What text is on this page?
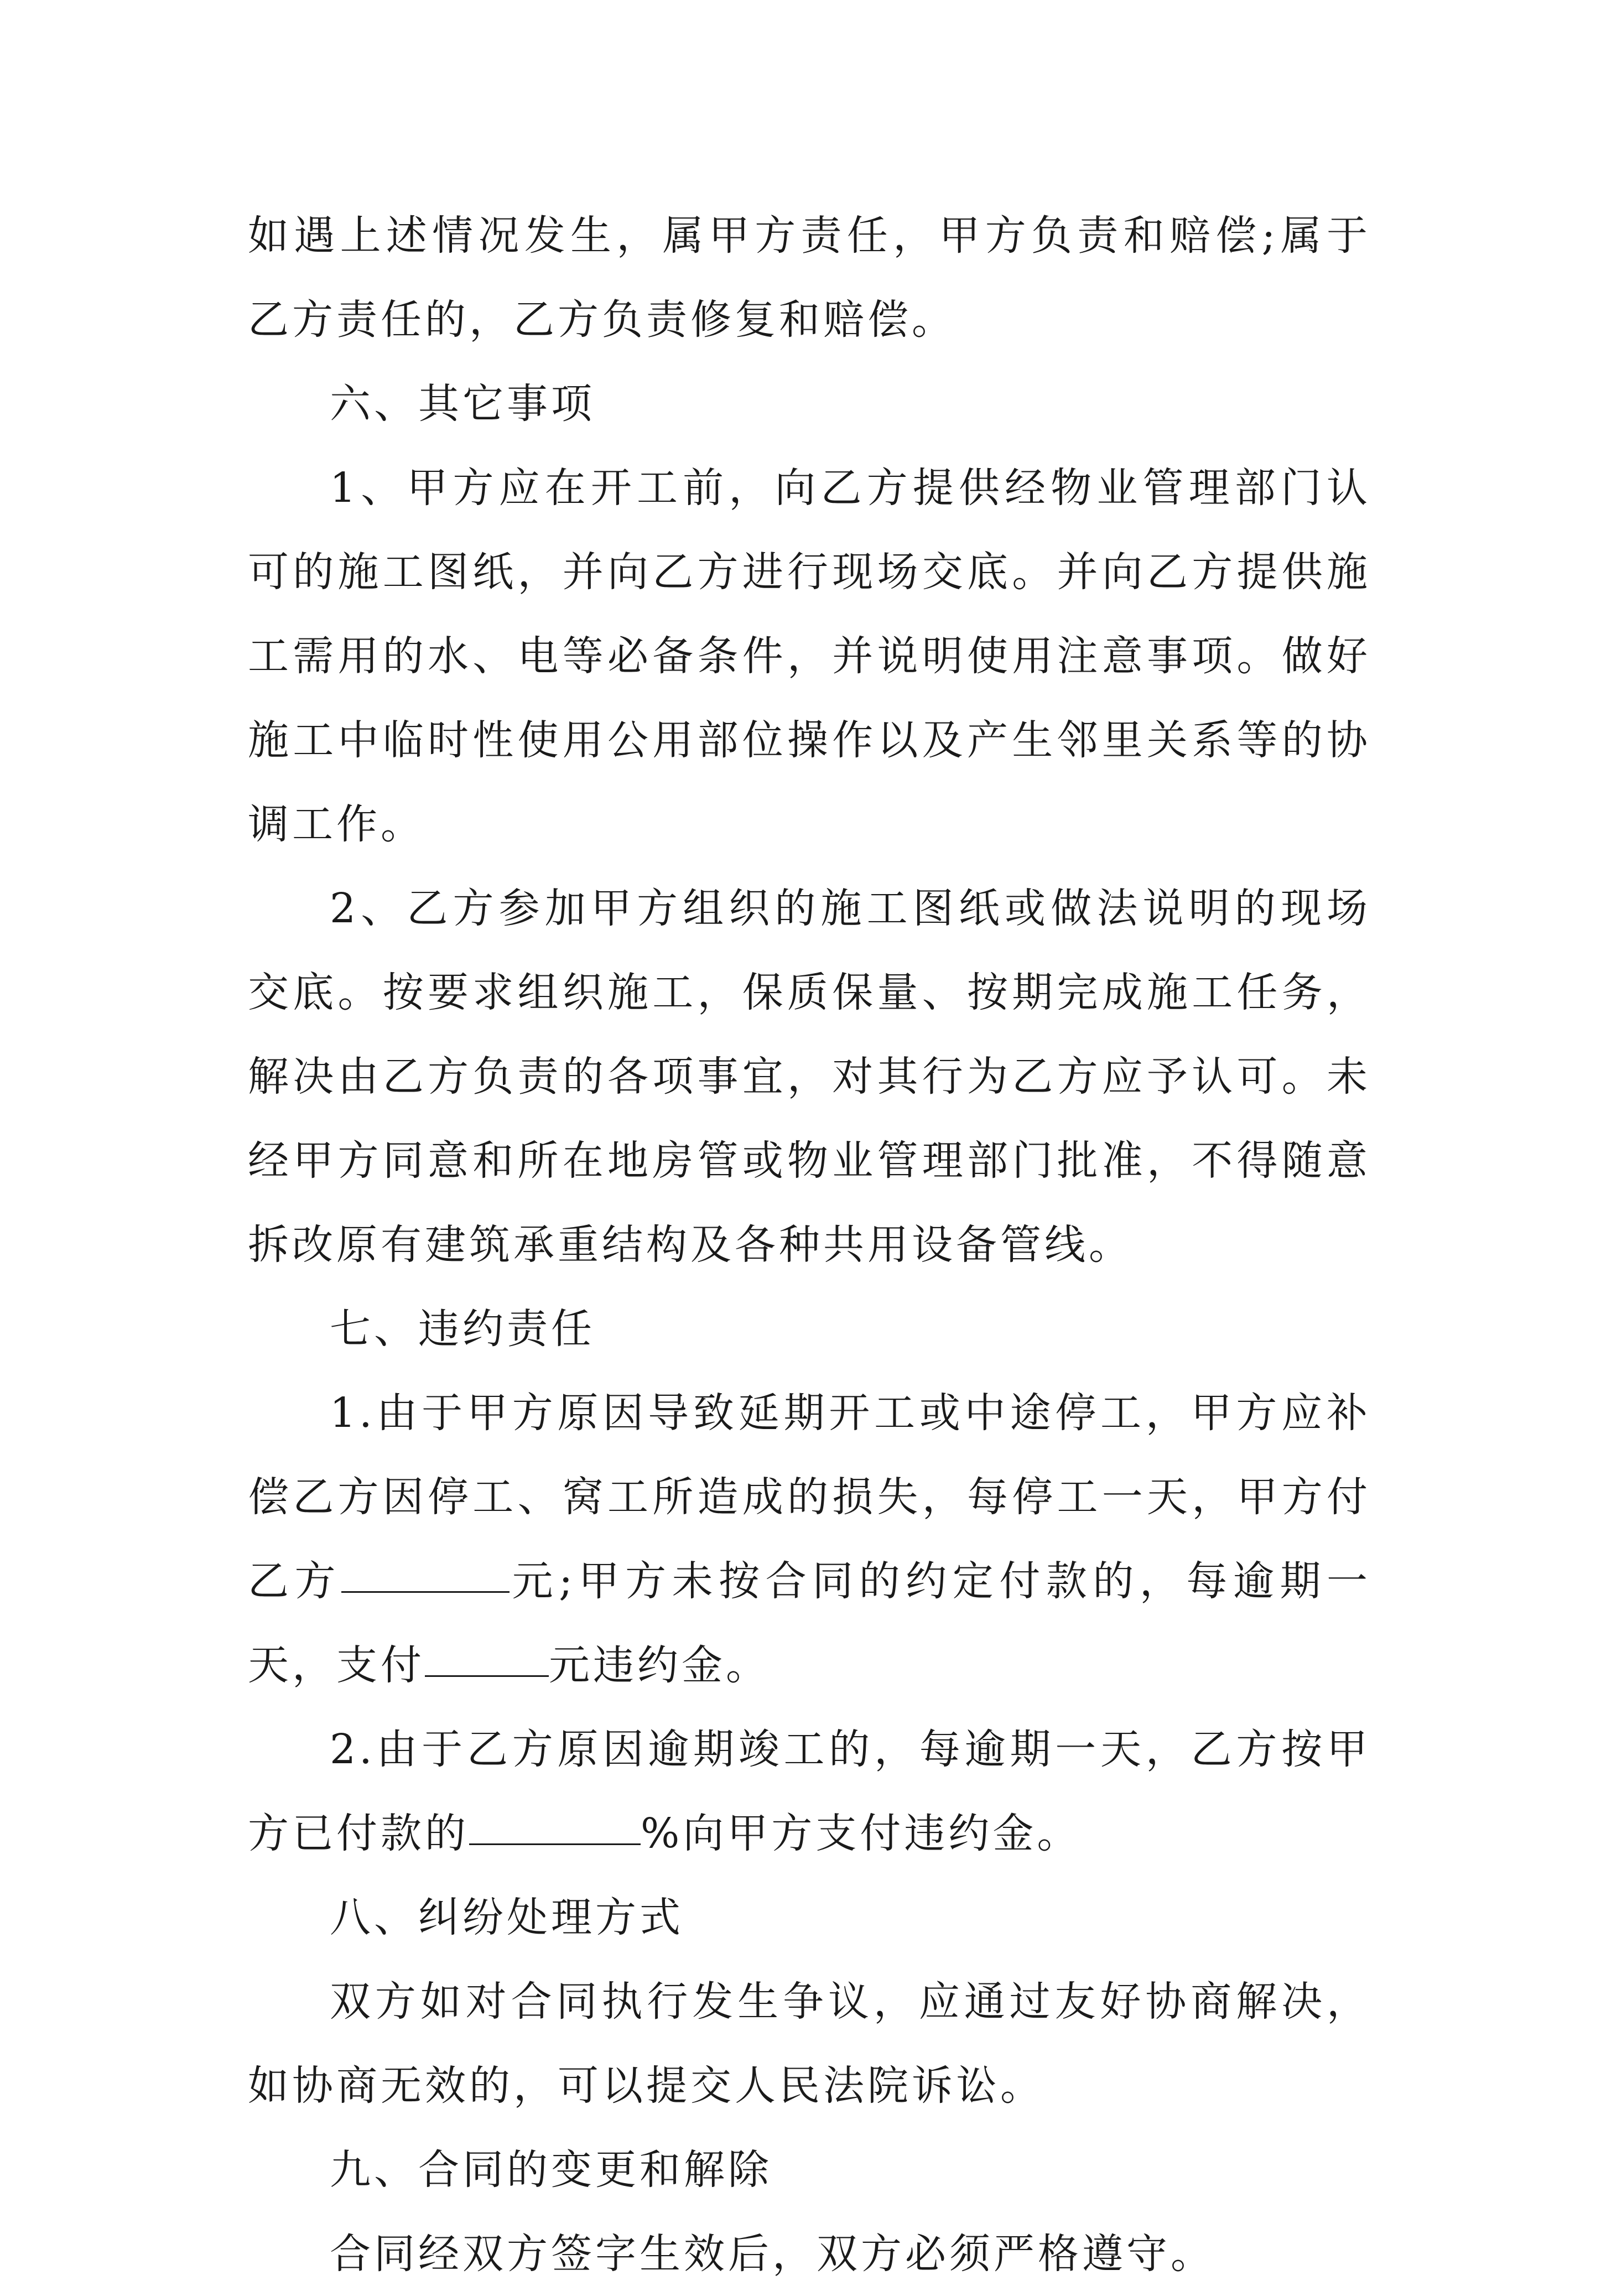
如遇上述情况发生，属甲方责任，甲方负责和赔偿;属于乙方责任的，乙方负责修复和赔偿。

六、其它事项

1、甲方应在开工前，向乙方提供经物业管理部门认可的施工图纸，并向乙方进行现场交底。并向乙方提供施工需用的水、电等必备条件，并说明使用注意事项。做好施工中临时性使用公用部位操作以及产生邻里关系等的协调工作。

2、乙方参加甲方组织的施工图纸或做法说明的现场交底。按要求组织施工，保质保量、按期完成施工任务，解决由乙方负责的各项事宜，对其行为乙方应予认可。未经甲方同意和所在地房管或物业管理部门批准，不得随意拆改原有建筑承重结构及各种共用设备管线。

七、违约责任

1.由于甲方原因导致延期开工或中途停工，甲方应补偿乙方因停工、窝工所造成的损失，每停工一天，甲方付乙方	元;甲方未按合同的约定付款的，每逾期一天，支付	元违约金。

2.由于乙方原因逾期竣工的，每逾期一天，乙方按甲方已付款的	%向甲方支付违约金。

八、纠纷处理方式

双方如对合同执行发生争议，应通过友好协商解决，如协商无效的，可以提交人民法院诉讼。

九、合同的变更和解除

合同经双方签字生效后，双方必须严格遵守。
